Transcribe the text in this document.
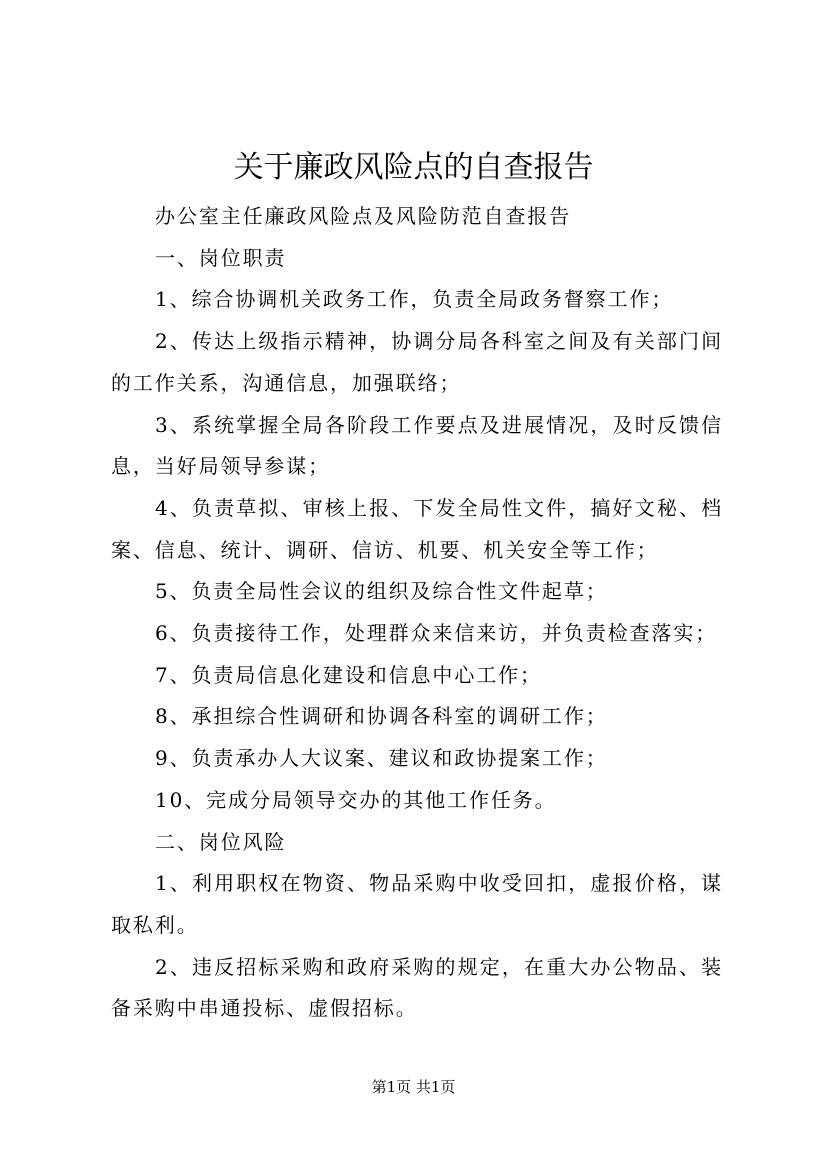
关于廉政风险点的自查报告

办公室主任廉政风险点及风险防范自查报告

一、岗位职责

1、综合协调机关政务工作，负责全局政务督察工作；

2、传达上级指示精神，协调分局各科室之间及有关部门间的工作关系，沟通信息，加强联络；

3、系统掌握全局各阶段工作要点及进展情况，及时反馈信息，当好局领导参谋；

4、负责草拟、审核上报、下发全局性文件，搞好文秘、档案、信息、统计、调研、信访、机要、机关安全等工作；

5、负责全局性会议的组织及综合性文件起草；

6、负责接待工作，处理群众来信来访，并负责检查落实；

7、负责局信息化建设和信息中心工作；

8、承担综合性调研和协调各科室的调研工作；

9、负责承办人大议案、建议和政协提案工作；

10、完成分局领导交办的其他工作任务。

二、岗位风险

1、利用职权在物资、物品采购中收受回扣，虚报价格，谋取私利。

2、违反招标采购和政府采购的规定，在重大办公物品、装备采购中串通投标、虚假招标。

第1页 共1页
